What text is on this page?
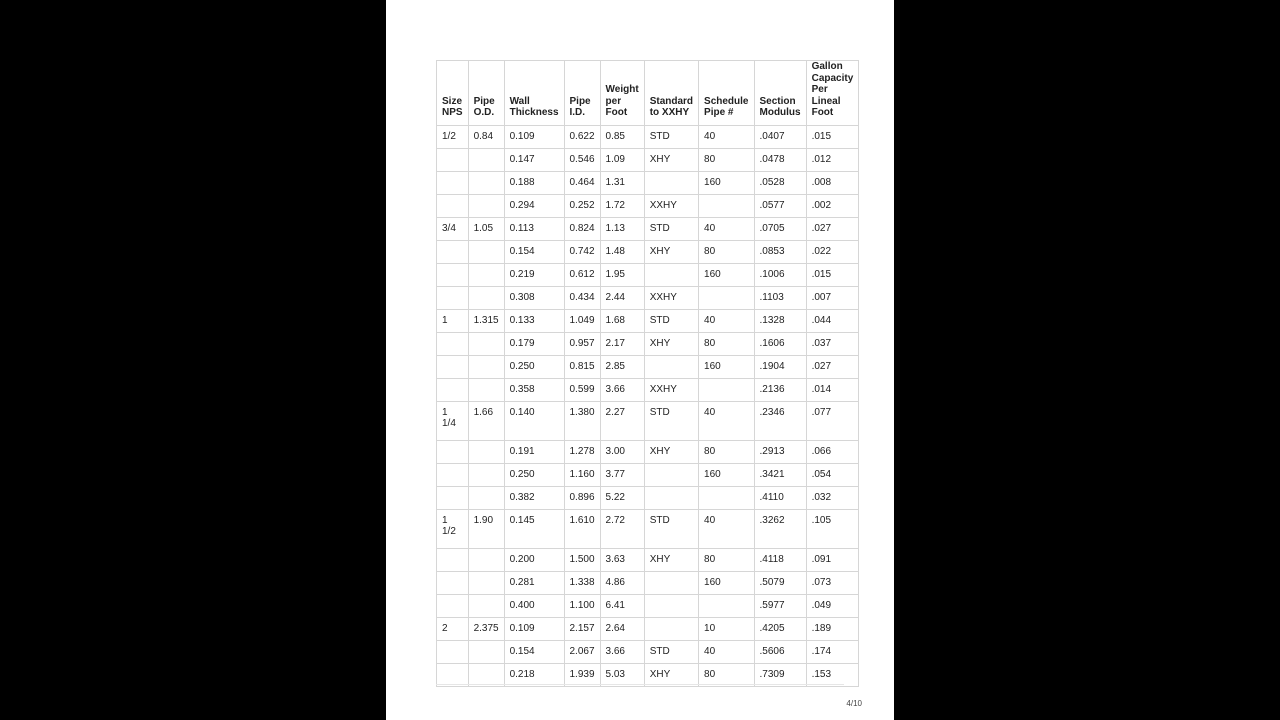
Size NPS	Pipe O.D.	Wall Thickness	Pipe I.D.	Weight per Foot	Standard to XXHY	Schedule Pipe #	Section Modulus	Gallon Capacity Per Lineal Foot
1/2	0.84	0.109	0.622	0.85	STD	40	.0407	.015
		0.147	0.546	1.09	XHY	80	.0478	.012
		0.188	0.464	1.31		160	.0528	.008
		0.294	0.252	1.72	XXHY		.0577	.002
3/4	1.05	0.113	0.824	1.13	STD	40	.0705	.027
		0.154	0.742	1.48	XHY	80	.0853	.022
		0.219	0.612	1.95		160	.1006	.015
		0.308	0.434	2.44	XXHY		.1103	.007
1	1.315	0.133	1.049	1.68	STD	40	.1328	.044
		0.179	0.957	2.17	XHY	80	.1606	.037
		0.250	0.815	2.85		160	.1904	.027
		0.358	0.599	3.66	XXHY		.2136	.014
1 1/4	1.66	0.140	1.380	2.27	STD	40	.2346	.077
		0.191	1.278	3.00	XHY	80	.2913	.066
		0.250	1.160	3.77		160	.3421	.054
		0.382	0.896	5.22			.4110	.032
1 1/2	1.90	0.145	1.610	2.72	STD	40	.3262	.105
		0.200	1.500	3.63	XHY	80	.4118	.091
		0.281	1.338	4.86		160	.5079	.073
		0.400	1.100	6.41			.5977	.049
2	2.375	0.109	2.157	2.64		10	.4205	.189
		0.154	2.067	3.66	STD	40	.5606	.174
		0.218	1.939	5.03	XHY	80	.7309	.153
4/10
